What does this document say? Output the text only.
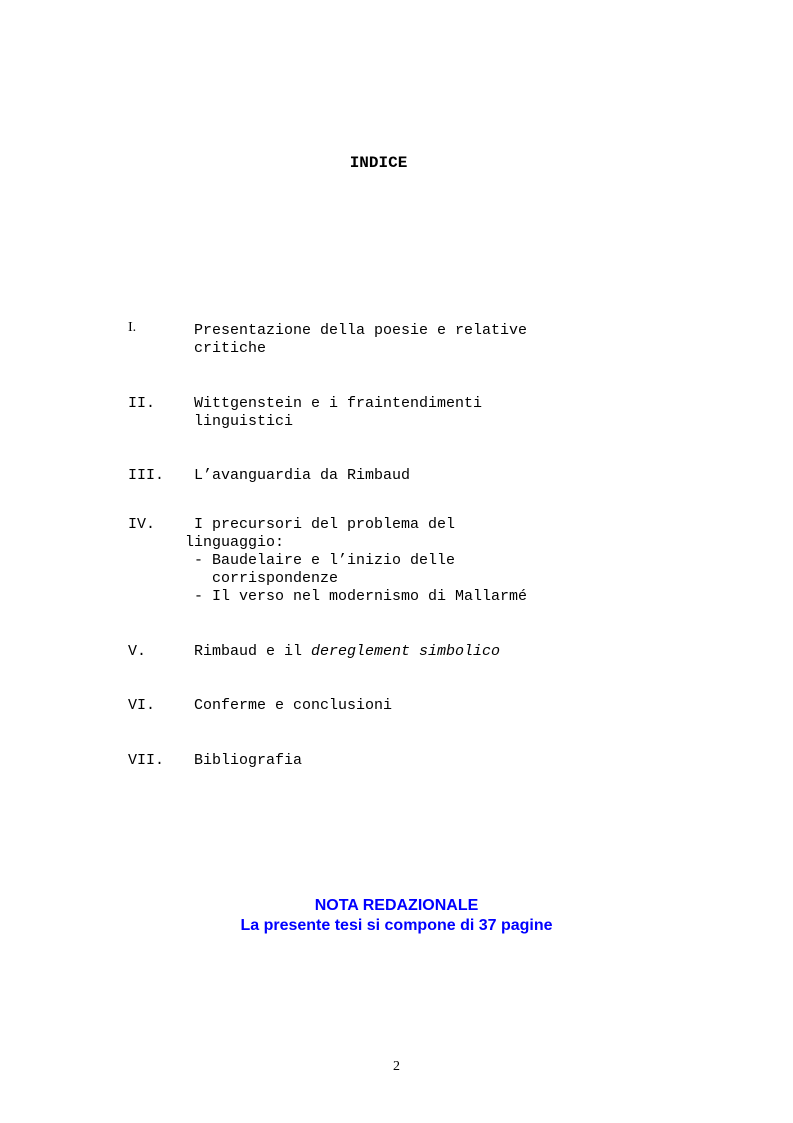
INDICE
I.	Presentazione della poesie e relative
critiche
II.	Wittgenstein e i fraintendimenti
linguistici
III. L’avanguardia da Rimbaud
IV.	I precursori del problema del
linguaggio:
- Baudelaire e l’inizio delle
corrispondenze
- Il verso nel modernismo di Mallarmé
V.	Rimbaud e il dereglement simbolico
VI.	Conferme e conclusioni
VII. Bibliografia
NOTA REDAZIONALE
La presente tesi si compone di 37 pagine
2
